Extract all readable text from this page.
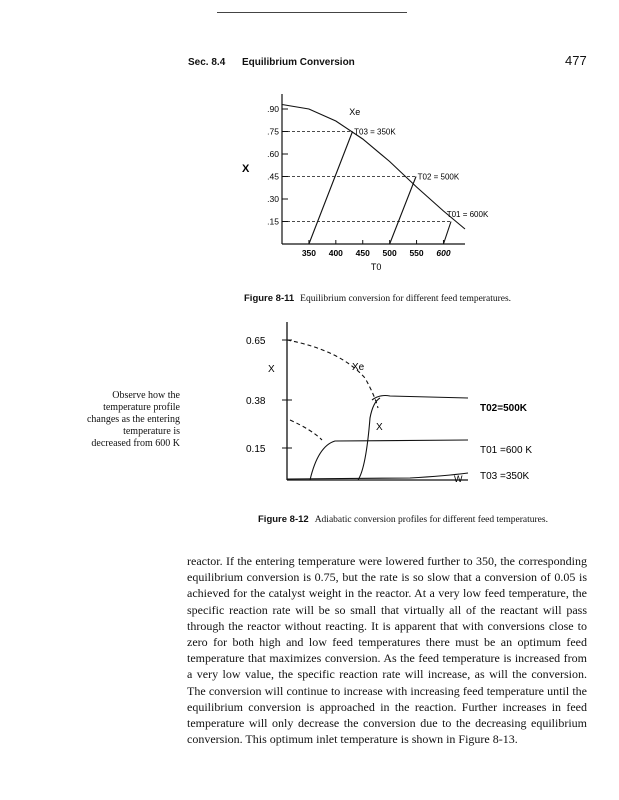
Sec. 8.4 Equilibrium Conversion	477
X
.90
.75
.60
.45
.30
.15
350 400 450 500 550 600
T0
Xe
T03 = 350K
T02 = 500K
T01 = 600K
Figure 8-11 Equilibrium conversion for different feed temperatures.
Observe how the temperature profile changes as the entering temperature is decreased from 600 K
0.65
0.38
0.15
X	Xe
X
T02=500K
T01 =600 K
T03 =350K
W
Figure 8-12 Adiabatic conversion profiles for different feed temperatures.
reactor. If the entering temperature were lowered further to 350, the corresponding equilibrium conversion is 0.75, but the rate is so slow that a conversion of 0.05 is achieved for the catalyst weight in the reactor. At a very low feed temperature, the specific reaction rate will be so small that virtually all of the reactant will pass through the reactor without reacting. It is apparent that with conversions close to zero for both high and low feed temperatures there must be an optimum feed temperature that maximizes conversion. As the feed temperature is increased from a very low value, the specific reaction rate will increase, as will the conversion. The conversion will continue to increase with increasing feed temperature until the equilibrium conversion is approached in the reaction. Further increases in feed temperature will only decrease the conversion due to the decreasing equilibrium conversion. This optimum inlet temperature is shown in Figure 8-13.
